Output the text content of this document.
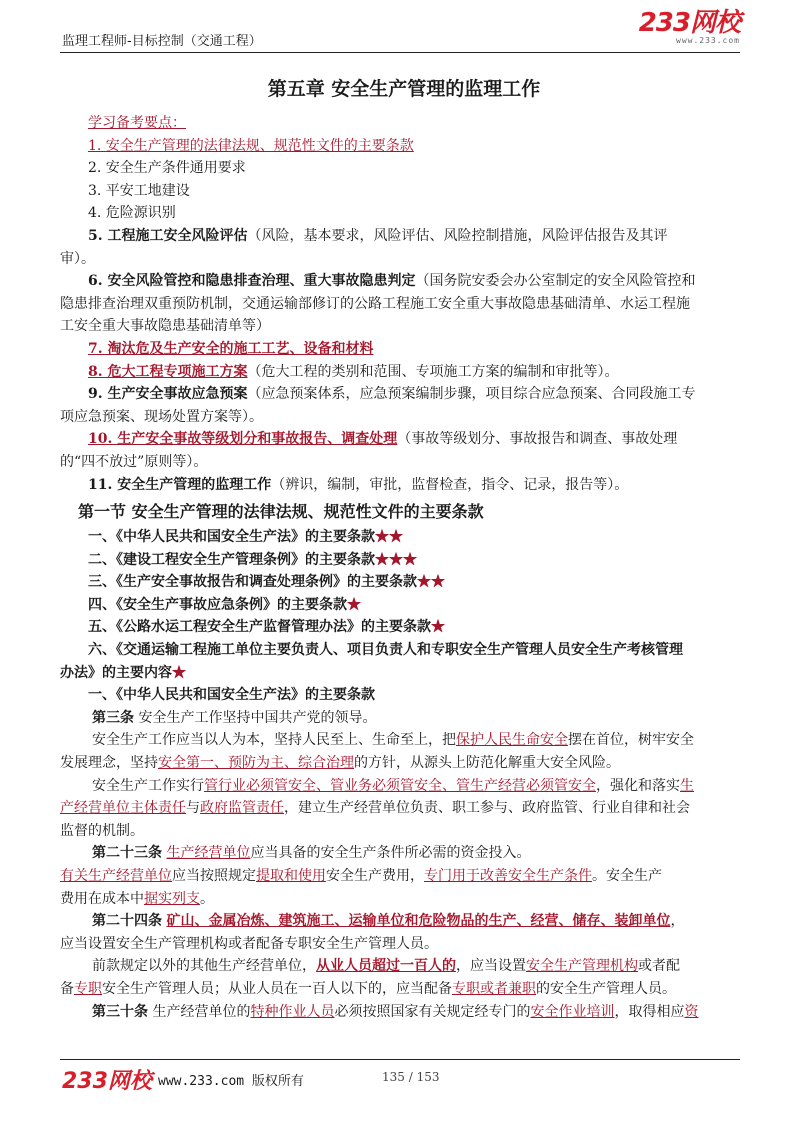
监理工程师-目标控制（交通工程）
233网校
www.233.com
第五章 安全生产管理的监理工作
学习备考要点：
1. 安全生产管理的法律法规、规范性文件的主要条款
2. 安全生产条件通用要求
3. 平安工地建设
4. 危险源识别
5. 工程施工安全风险评估（风险，基本要求，风险评估、风险控制措施，风险评估报告及其评
审）。
6. 安全风险管控和隐患排查治理、重大事故隐患判定（国务院安委会办公室制定的安全风险管控和
隐患排查治理双重预防机制，交通运输部修订的公路工程施工安全重大事故隐患基础清单、水运工程施
工安全重大事故隐患基础清单等）
7. 淘汰危及生产安全的施工工艺、设备和材料
8. 危大工程专项施工方案（危大工程的类别和范围、专项施工方案的编制和审批等）。
9. 生产安全事故应急预案（应急预案体系，应急预案编制步骤，项目综合应急预案、合同段施工专
项应急预案、现场处置方案等）。
10. 生产安全事故等级划分和事故报告、调查处理（事故等级划分、事故报告和调查、事故处理
的“四不放过”原则等）。
11. 安全生产管理的监理工作（辨识，编制，审批，监督检查，指令、记录，报告等）。
第一节 安全生产管理的法律法规、规范性文件的主要条款
一、《中华人民共和国安全生产法》的主要条款★★
二、《建设工程安全生产管理条例》的主要条款★★★
三、《生产安全事故报告和调查处理条例》的主要条款★★
四、《安全生产事故应急条例》的主要条款★
五、《公路水运工程安全生产监督管理办法》的主要条款★
六、《交通运输工程施工单位主要负责人、项目负责人和专职安全生产管理人员安全生产考核管理
办法》的主要内容★
一、《中华人民共和国安全生产法》的主要条款
第三条 安全生产工作坚持中国共产党的领导。
安全生产工作应当以人为本，坚持人民至上、生命至上，把保护人民生命安全摆在首位，树牢安全
发展理念，坚持安全第一、预防为主、综合治理的方针，从源头上防范化解重大安全风险。
安全生产工作实行管行业必须管安全、管业务必须管安全、管生产经营必须管安全，强化和落实生
产经营单位主体责任与政府监管责任，建立生产经营单位负责、职工参与、政府监管、行业自律和社会
监督的机制。
第二十三条 生产经营单位应当具备的安全生产条件所必需的资金投入。
有关生产经营单位应当按照规定提取和使用安全生产费用，专门用于改善安全生产条件。安全生产
费用在成本中据实列支。
第二十四条 矿山、金属冶炼、建筑施工、运输单位和危险物品的生产、经营、储存、装卸单位，
应当设置安全生产管理机构或者配备专职安全生产管理人员。
前款规定以外的其他生产经营单位，从业人员超过一百人的，应当设置安全生产管理机构或者配
备专职安全生产管理人员；从业人员在一百人以下的，应当配备专职或者兼职的安全生产管理人员。
第三十条 生产经营单位的特种作业人员必须按照国家有关规定经专门的安全作业培训，取得相应资
233网校 www.233.com 版权所有	135 / 153
